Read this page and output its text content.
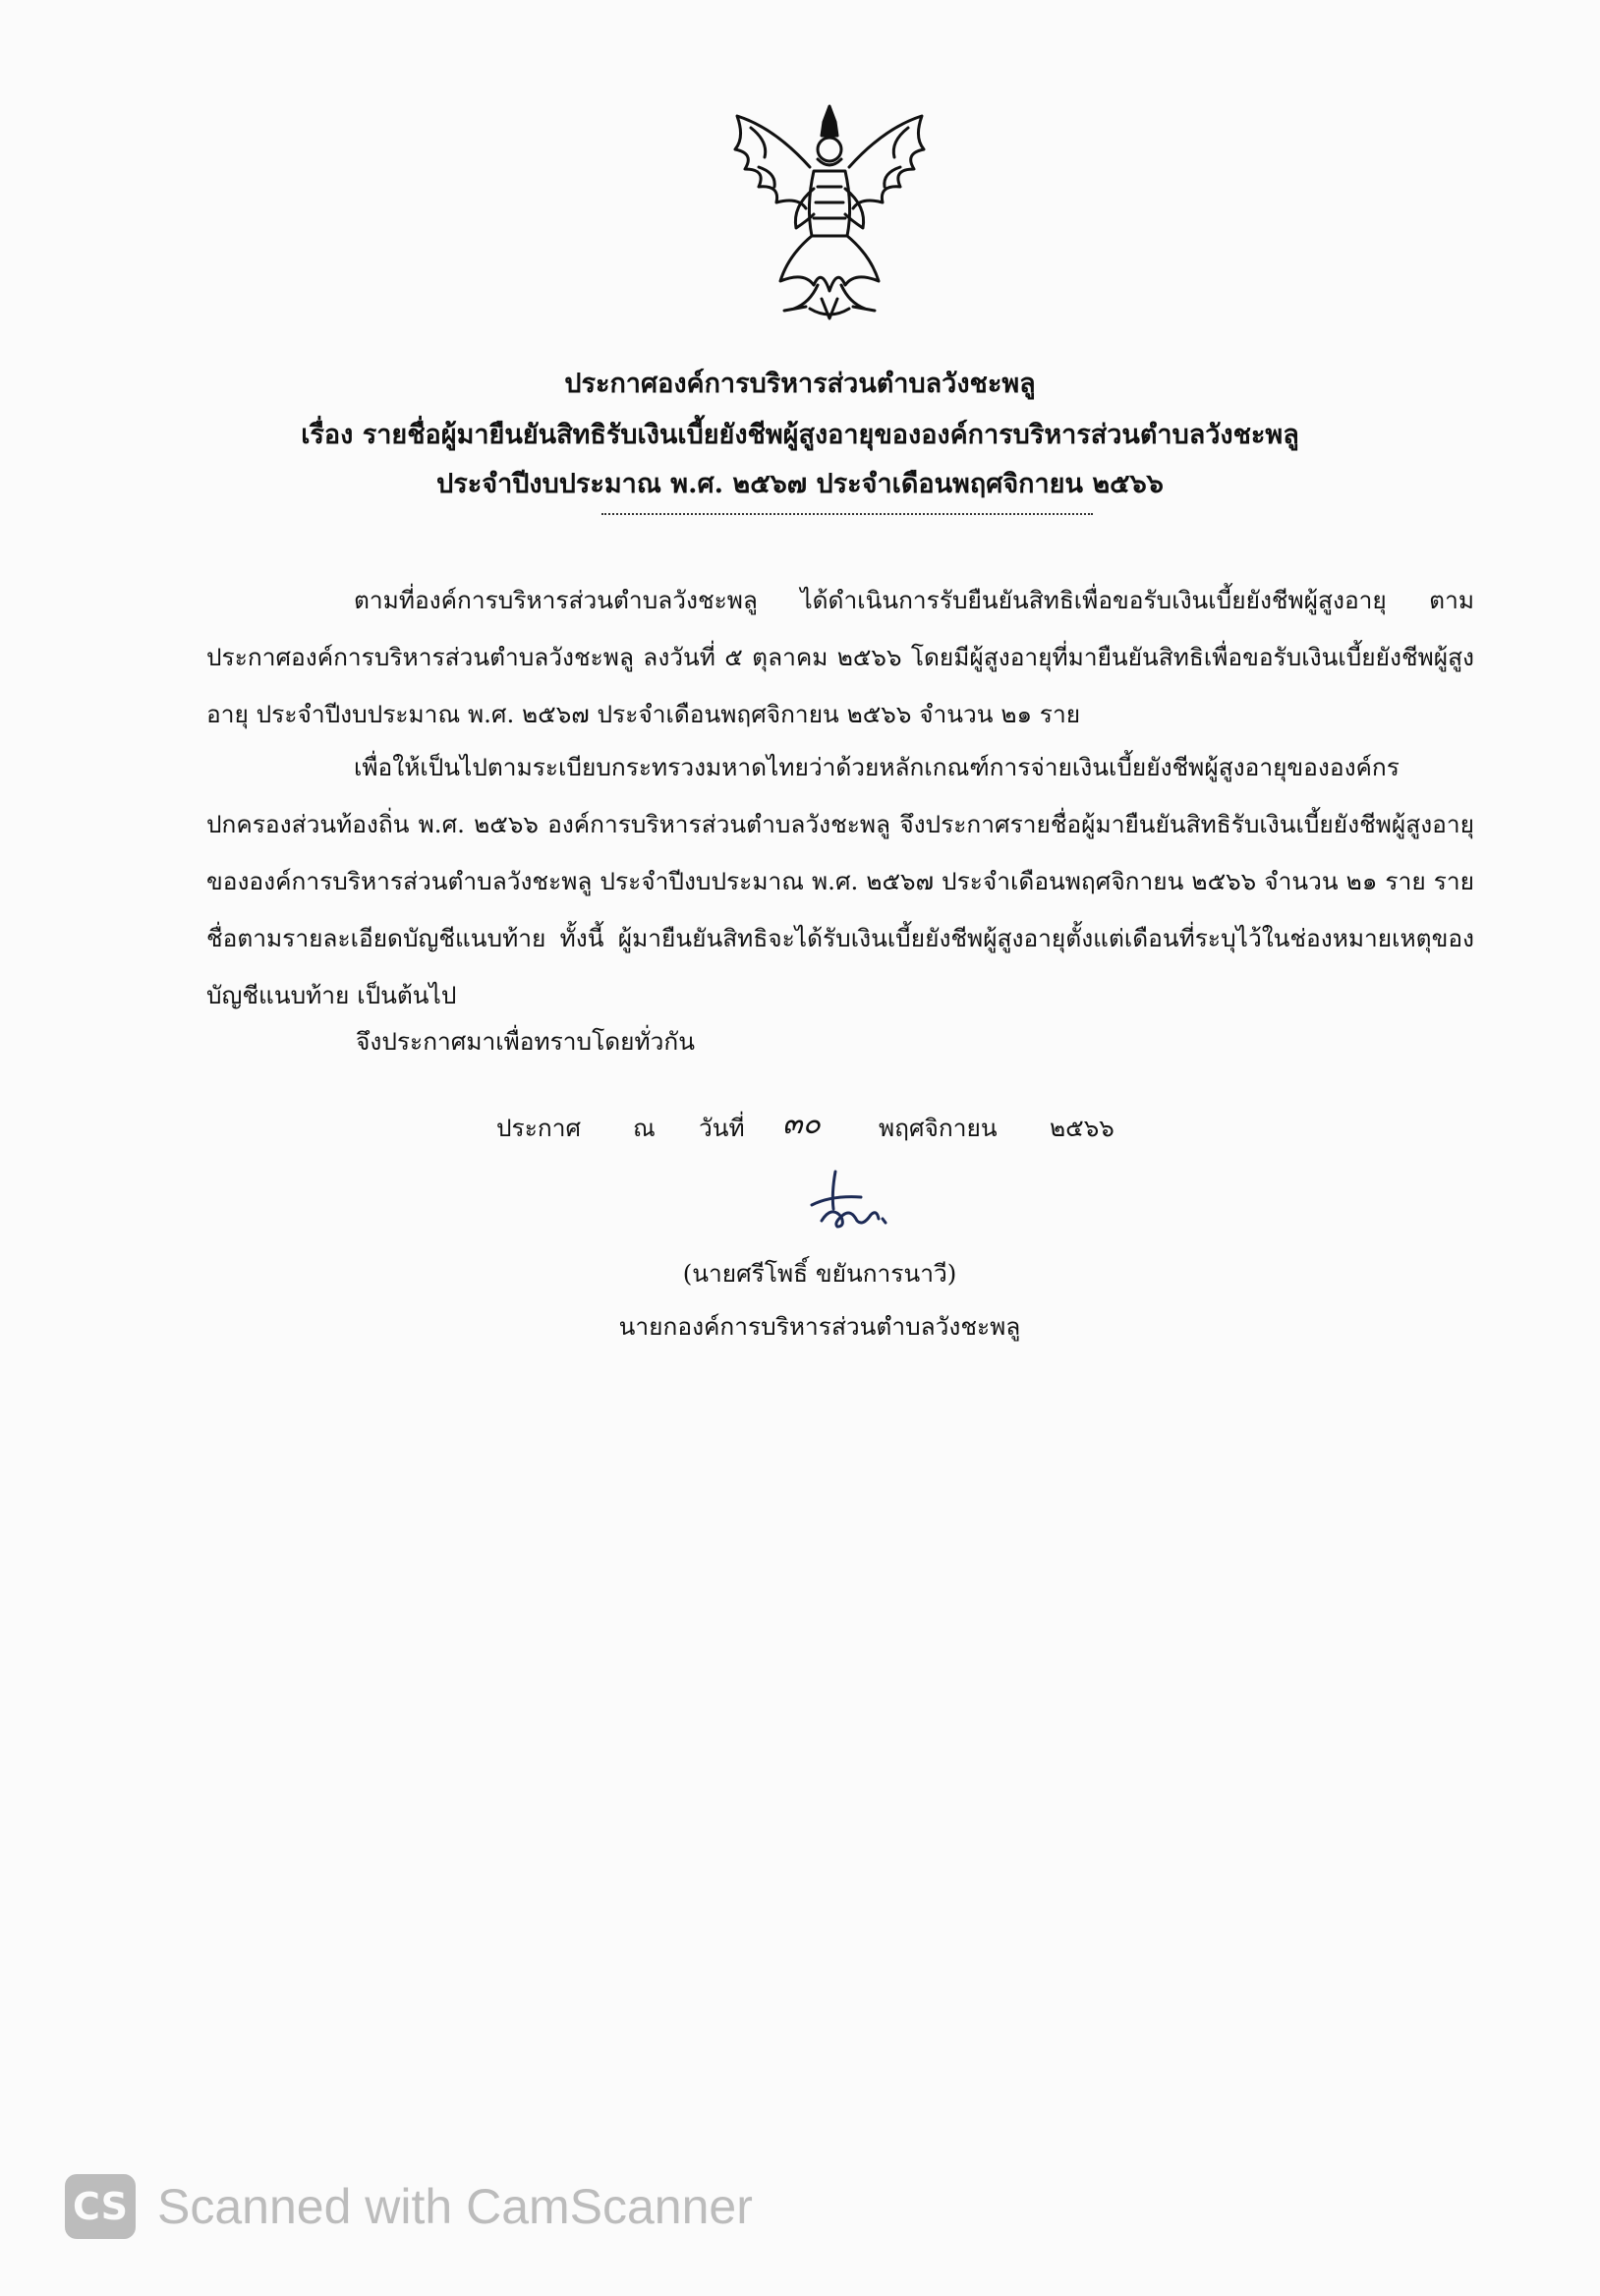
ประกาศองค์การบริหารส่วนตำบลวังชะพลู
เรื่อง รายชื่อผู้มายืนยันสิทธิรับเงินเบี้ยยังชีพผู้สูงอายุขององค์การบริหารส่วนตำบลวังชะพลู
ประจำปีงบประมาณ พ.ศ. ๒๕๖๗ ประจำเดือนพฤศจิกายน ๒๕๖๖
ตามที่องค์การบริหารส่วนตำบลวังชะพลู ได้ดำเนินการรับยืนยันสิทธิเพื่อขอรับเงินเบี้ยยังชีพผู้สูงอายุ ตามประกาศองค์การบริหารส่วนตำบลวังชะพลู ลงวันที่ ๕ ตุลาคม ๒๕๖๖ โดยมีผู้สูงอายุที่มายืนยันสิทธิเพื่อขอรับเงินเบี้ยยังชีพผู้สูงอายุ ประจำปีงบประมาณ พ.ศ. ๒๕๖๗ ประจำเดือนพฤศจิกายน ๒๕๖๖ จำนวน ๒๑ ราย
เพื่อให้เป็นไปตามระเบียบกระทรวงมหาดไทยว่าด้วยหลักเกณฑ์การจ่ายเงินเบี้ยยังชีพผู้สูงอายุขององค์กรปกครองส่วนท้องถิ่น พ.ศ. ๒๕๖๖ องค์การบริหารส่วนตำบลวังชะพลู จึงประกาศรายชื่อผู้มายืนยันสิทธิรับเงินเบี้ยยังชีพผู้สูงอายุขององค์การบริหารส่วนตำบลวังชะพลู ประจำปีงบประมาณ พ.ศ. ๒๕๖๗ ประจำเดือนพฤศจิกายน ๒๕๖๖ จำนวน ๒๑ ราย รายชื่อตามรายละเอียดบัญชีแนบท้าย ทั้งนี้ ผู้มายืนยันสิทธิจะได้รับเงินเบี้ยยังชีพผู้สูงอายุตั้งแต่เดือนที่ระบุไว้ในช่องหมายเหตุของบัญชีแนบท้าย เป็นต้นไป
จึงประกาศมาเพื่อทราบโดยทั่วกัน
ประกาศ ณ วันที่ ๓๐ พฤศจิกายน ๒๕๖๖
(นายศรีโพธิ์ ขยันการนาวี)
นายกองค์การบริหารส่วนตำบลวังชะพลู
CS Scanned with CamScanner
